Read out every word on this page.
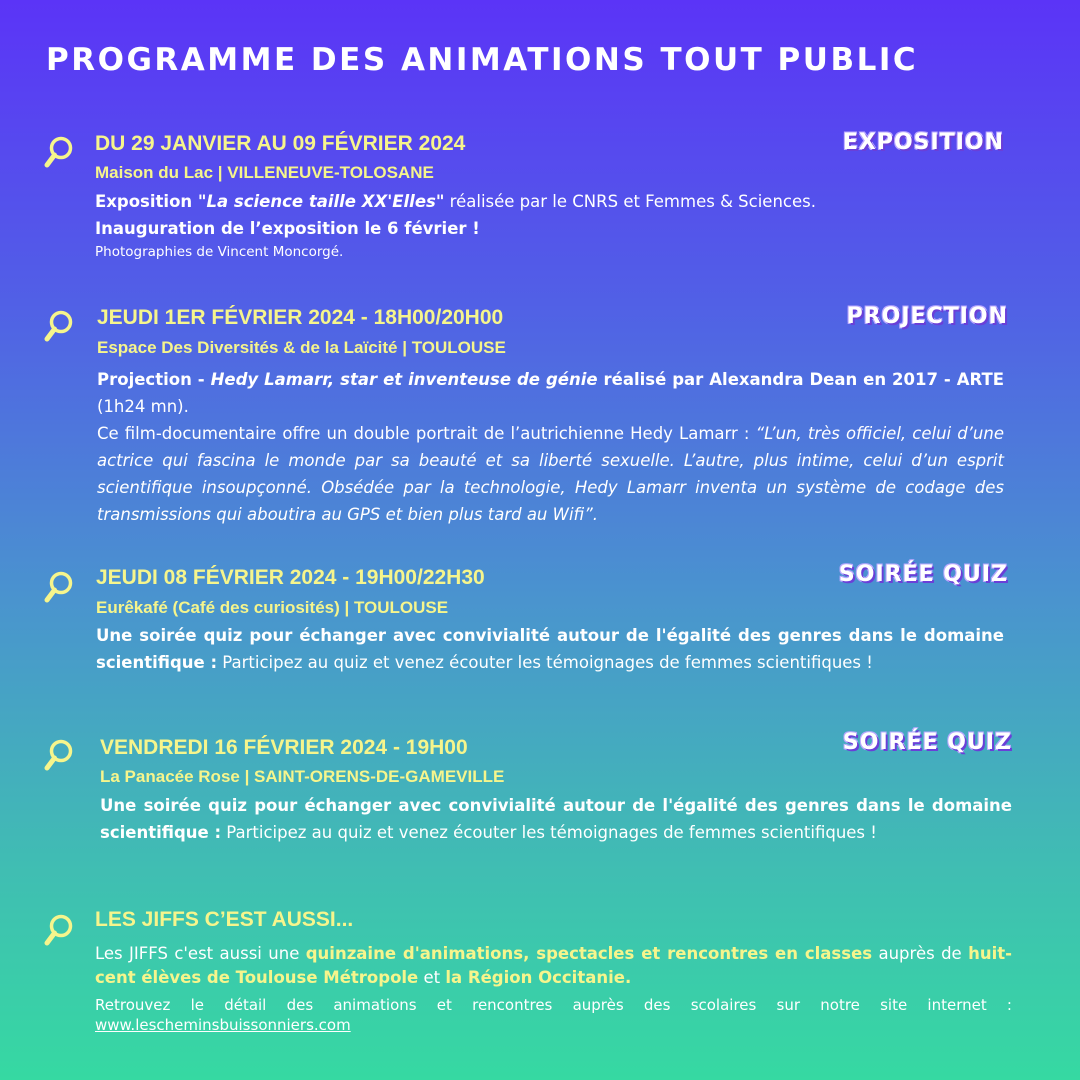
PROGRAMME DES ANIMATIONS TOUT PUBLIC
DU 29 JANVIER AU 09 FÉVRIER 2024	EXPOSITION
Maison du Lac | VILLENEUVE-TOLOSANE
Exposition "La science taille XX'Elles" réalisée par le CNRS et Femmes & Sciences.
Inauguration de l’exposition le 6 février !
Photographies de Vincent Moncorgé.
JEUDI 1ER FÉVRIER 2024 - 18H00/20H00	PROJECTION
Espace Des Diversités & de la Laïcité | TOULOUSE
Projection - Hedy Lamarr, star et inventeuse de génie réalisé par Alexandra Dean en 2017 - ARTE (1h24 mn).
Ce film-documentaire offre un double portrait de l’autrichienne Hedy Lamarr : “L’un, très officiel, celui d’une actrice qui fascina le monde par sa beauté et sa liberté sexuelle. L’autre, plus intime, celui d’un esprit scientifique insoupçonné. Obsédée par la technologie, Hedy Lamarr inventa un système de codage des transmissions qui aboutira au GPS et bien plus tard au Wifi”.
JEUDI 08 FÉVRIER 2024 - 19H00/22H30	SOIRÉE QUIZ
Eurêkafé (Café des curiosités) | TOULOUSE
Une soirée quiz pour échanger avec convivialité autour de l'égalité des genres dans le domaine scientifique : Participez au quiz et venez écouter les témoignages de femmes scientifiques !
VENDREDI 16 FÉVRIER 2024 - 19H00	SOIRÉE QUIZ
La Panacée Rose | SAINT-ORENS-DE-GAMEVILLE
Une soirée quiz pour échanger avec convivialité autour de l'égalité des genres dans le domaine scientifique : Participez au quiz et venez écouter les témoignages de femmes scientifiques !
LES JIFFS C’EST AUSSI...
Les JIFFS c'est aussi une quinzaine d'animations, spectacles et rencontres en classes auprès de huit-cent élèves de Toulouse Métropole et la Région Occitanie.
Retrouvez le détail des animations et rencontres auprès des scolaires sur notre site internet :
www.lescheminsbuissonniers.com
